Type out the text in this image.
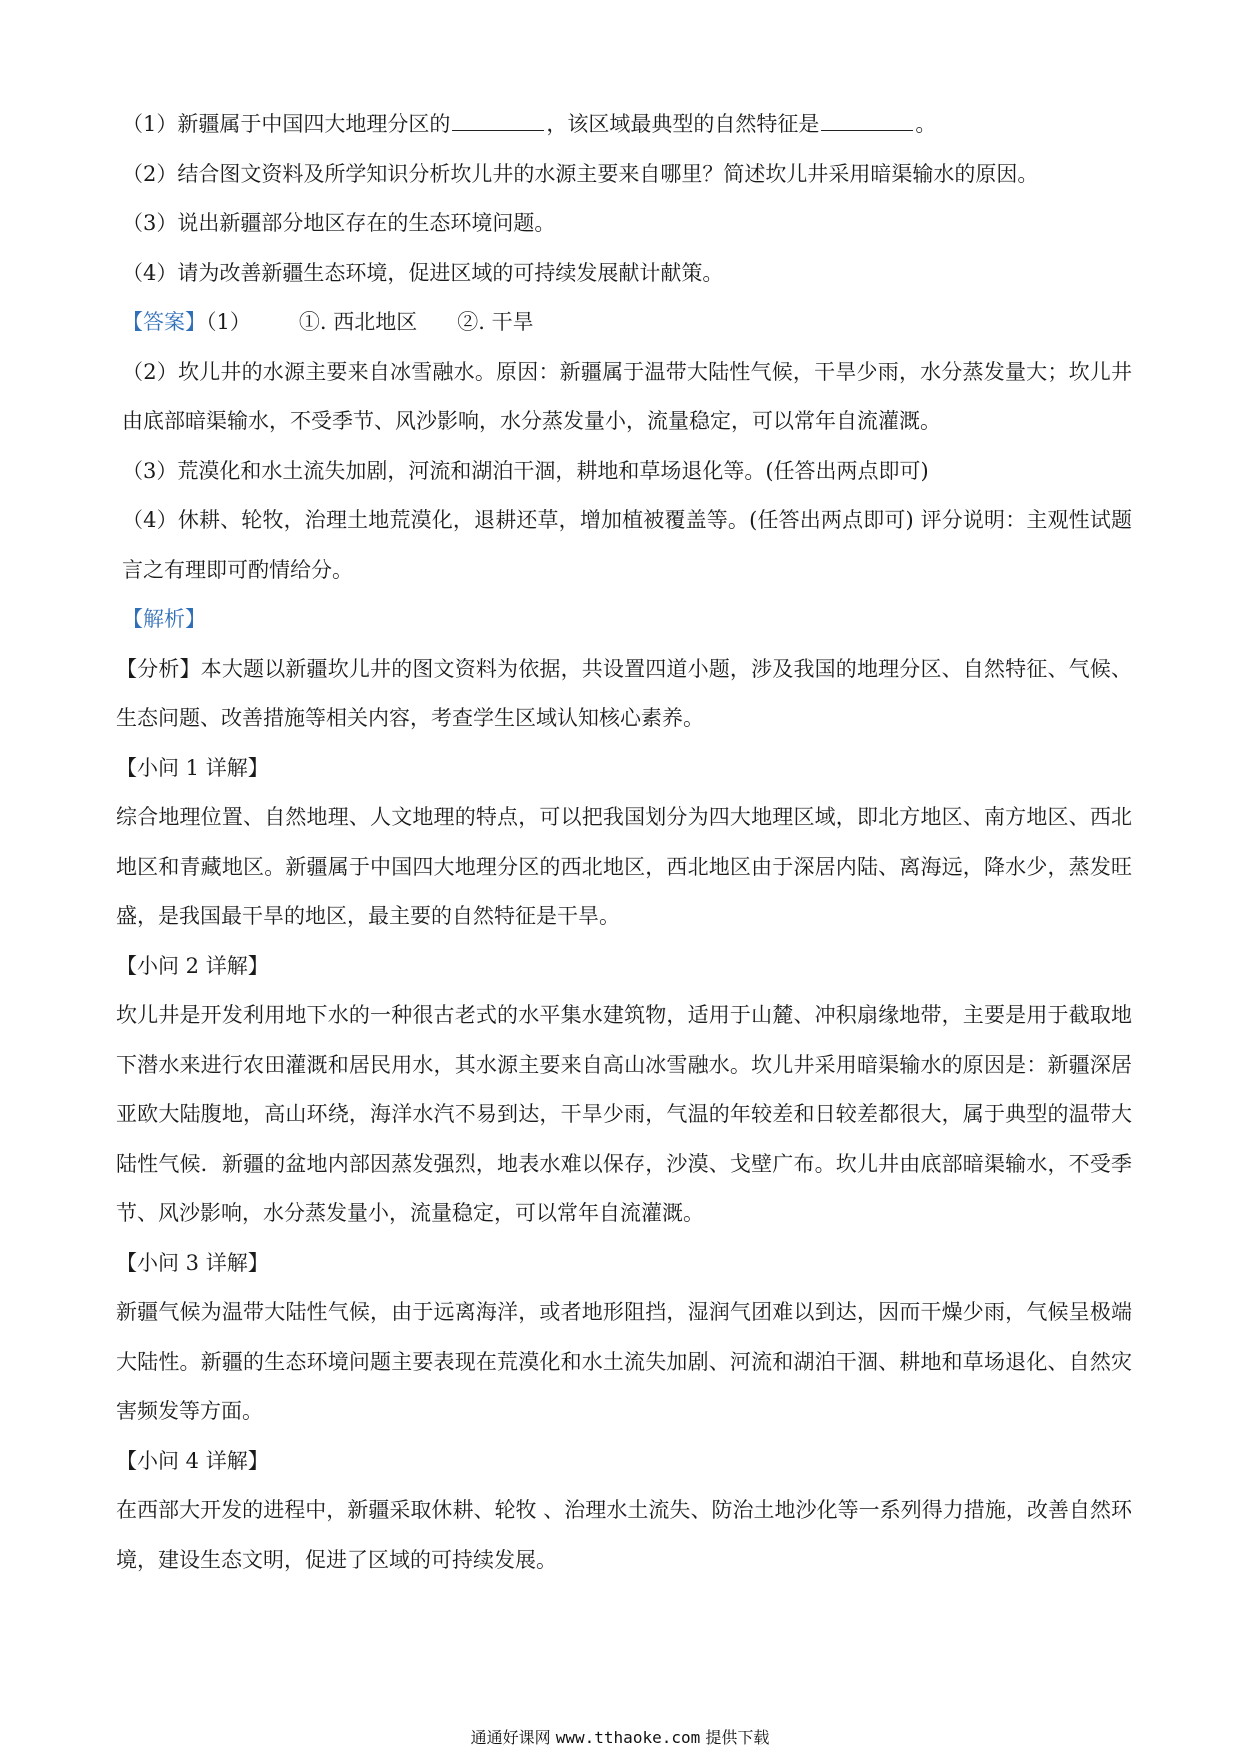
（1）新疆属于中国四大地理分区的	，该区域最典型的自然特征是	。
（2）结合图文资料及所学知识分析坎儿井的水源主要来自哪里？简述坎儿井采用暗渠输水的原因。
（3）说出新疆部分地区存在的生态环境问题。
（4）请为改善新疆生态环境，促进区域的可持续发展献计献策。
【答案】（1） ①. 西北地区 ②. 干旱
（2）坎儿井的水源主要来自冰雪融水。原因：新疆属于温带大陆性气候，干旱少雨，水分蒸发量大；坎儿井由底部暗渠输水，不受季节、风沙影响，水分蒸发量小，流量稳定，可以常年自流灌溉。
（3）荒漠化和水土流失加剧，河流和湖泊干涸，耕地和草场退化等。(任答出两点即可)
（4）休耕、轮牧，治理土地荒漠化，退耕还草，增加植被覆盖等。(任答出两点即可) 评分说明：主观性试题言之有理即可酌情给分。
【解析】
【分析】本大题以新疆坎儿井的图文资料为依据，共设置四道小题，涉及我国的地理分区、自然特征、气候、生态问题、改善措施等相关内容，考查学生区域认知核心素养。
【小问 1 详解】
综合地理位置、自然地理、人文地理的特点，可以把我国划分为四大地理区域，即北方地区、南方地区、西北地区和青藏地区。新疆属于中国四大地理分区的西北地区，西北地区由于深居内陆、离海远，降水少，蒸发旺盛，是我国最干旱的地区，最主要的自然特征是干旱。
【小问 2 详解】
坎儿井是开发利用地下水的一种很古老式的水平集水建筑物，适用于山麓、冲积扇缘地带，主要是用于截取地下潜水来进行农田灌溉和居民用水，其水源主要来自高山冰雪融水。坎儿井采用暗渠输水的原因是：新疆深居亚欧大陆腹地，高山环绕，海洋水汽不易到达，干旱少雨，气温的年较差和日较差都很大，属于典型的温带大陆性气候．新疆的盆地内部因蒸发强烈，地表水难以保存，沙漠、戈壁广布。坎儿井由底部暗渠输水，不受季节、风沙影响，水分蒸发量小，流量稳定，可以常年自流灌溉。
【小问 3 详解】
新疆气候为温带大陆性气候，由于远离海洋，或者地形阻挡，湿润气团难以到达，因而干燥少雨，气候呈极端大陆性。新疆的生态环境问题主要表现在荒漠化和水土流失加剧、河流和湖泊干涸、耕地和草场退化、自然灾害频发等方面。
【小问 4 详解】
在西部大开发的进程中，新疆采取休耕、轮牧 、治理水土流失、防治土地沙化等一系列得力措施，改善自然环境，建设生态文明，促进了区域的可持续发展。
通通好课网 www.tthaoke.com 提供下载
